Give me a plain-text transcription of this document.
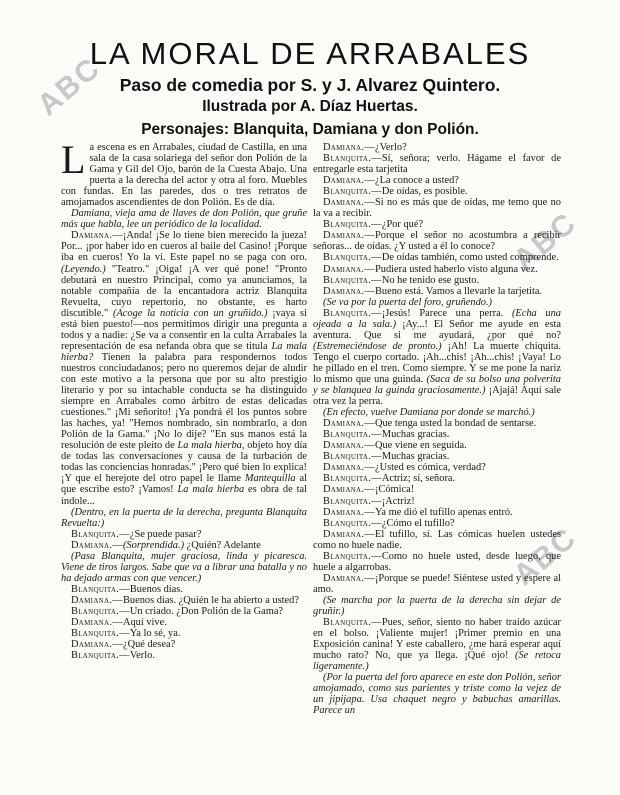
ABC
ABC
ABC
LA MORAL DE ARRABALES
Paso de comedia por S. y J. Alvarez Quintero.
Ilustrada por A. Díaz Huertas.
Personajes: Blanquita, Damiana y don Polión.

La escena es en Arrabales, ciudad de Castilla, en una sala de la casa solariega del señor don Polión de la Gama y Gil del Ojo, barón de la Cuesta Abajo. Una puerta a la derecha del actor y otra al foro. Muebles con fundas. En las paredes, dos o tres retratos de amojamados ascendientes de don Polión. Es de día.

Damiana, vieja ama de llaves de don Polión, que gruñe más que habla, lee un periódico de la localidad.

Damiana.—¡Anda! ¡Se lo tiene bien merecido la jueza! Por... ¡por haber ido en cueros al baile del Casino! ¡Porque iba en cueros! Yo la vi. Este papel no se paga con oro. (Leyendo.) "Teatro." ¡Oiga! ¡A ver qué pone! "Pronto debutará en nuestro Principal, como ya anunciamos, la notable compañía de la encantadora actriz Blanquita Revuelta, cuyo repertorio, no obstante, es harto discutible." (Acoge la noticia con un gruñido.) ¡vaya si está bien puesto!—nos permitimos dirigir una pregunta a todos y a nadie: ¿Se va a consentir en la culta Arrabales la representación de esa nefanda obra que se titula La mala hierba? Tienen la palabra para respondernos todos nuestros conciudadanos; pero no queremos dejar de aludir con este motivo a la persona que por su alto prestigio literario y por su intachable conducta se ha distinguido siempre en Arrabales como árbitro de estas delicadas cuestiones." ¡Mi señorito! ¡Ya pondrá él los puntos sobre las haches, ya! "Hemos nombrado, sin nombrarlo, a don Polión de la Gama." ¡No lo dije? "En sus manos está la resolución de este pleito de La mala hierba, objeto hoy día de todas las conversaciones y causa de la turbación de todas las conciencias honradas." ¡Pero qué bien lo explica! ¡Y que el herejote del otro papel le llame Mantequilla al que escribe esto? ¡Vamos! La mala hierba es obra de tal índole...

(Dentro, en la puerta de la derecha, pregunta Blanquita Revuelta:)

Blanquita.—¿Se puede pasar?

Damiana.—(Sorprendida.) ¿Quién? Adelante

(Pasa Blanquita, mujer graciosa, linda y picaresca. Viene de tiros largos. Sabe que va a librar una batalla y no ha dejado armas con que vencer.)

Blanquita.—Buenos días.

Damiana.—Buenos días. ¿Quién le ha abierto a usted?

Blanquita.—Un criado. ¿Don Polión de la Gama?

Damiana.—Aquí vive.

Blanquita.—Ya lo sé, ya.

Damiana.—¿Qué desea?

Blanquita.—Verlo.

Damiana.—¿Verlo?

Blanquita.—Sí, señora; verlo. Hágame el favor de entregarle esta tarjetita

Damiana.—¿La conoce a usted?

Blanquita.—De oídas, es posible.

Damiana.—Si no es más que de oídas, me temo que no la va a recibir.

Blanquita.—¿Por qué?

Damiana.—Porque el señor no acostumbra a recibir señoras... de oídas. ¿Y usted a él lo conoce?

Blanquita.—De oídas también, como usted comprende.

Damiana.—Pudiera usted haberlo visto alguna vez.

Blanquita.—No he tenido ese gusto.

Damiana.—Bueno está. Vamos a llevarle la tarjetita.

(Se va por la puerta del foro, gruñendo.)

Blanquita.—¡Jesús! Parece una perra. (Echa una ojeada a la sala.) ¡Ay...! El Señor me ayude en esta aventura. Que si me ayudará, ¿por qué no? (Estremeciéndose de pronto.) ¡Ah! La muerte chiquita. Tengo el cuerpo cortado. ¡Ah...chis! ¡Ah...chis! ¡Vaya! Lo he pillado en el tren. Como siempre. Y se me pone la nariz lo mismo que una guinda. (Saca de su bolso una polverita y se blanquea la guinda graciosamente.) ¡Ajajá! Aquí sale otra vez la perra.

(En efecto, vuelve Damiana por donde se marchó.)

Damiana.—Que tenga usted la bondad de sentarse.

Blanquita.—Muchas gracias.

Damiana.—Que viene en seguida.

Blanquita.—Muchas gracias.

Damiana.—¿Usted es cómica, verdad?

Blanquita.—Actriz; sí, señora.

Damiana.—¡Cómica!

Blanquita.—¡Actriz!

Damiana.—Ya me dió el tufillo apenas entró.

Blanquita.—¿Cómo el tufillo?

Damiana.—El tufillo, sí. Las cómicas huelen ustedes como no huele nadie.

Blanquita.—Como no huele usted, desde luego, que huele a algarrobas.

Damiana.—¡Porque se puede! Siéntese usted y espere al amo.

(Se marcha por la puerta de la derecha sin dejar de gruñir.)

Blanquita.—Pues, señor, siento no haber traído azúcar en el bolso. ¡Valiente mujer! ¡Primer premio en una Exposición canina! Y este caballero, ¿me hará esperar aquí mucho rato? No, que ya llega. ¡Qué ojo! (Se retoca ligeramente.)

(Por la puerta del foro aparece en este don Polión, señor amojamado, como sus parientes y triste como la vejez de un jipijapa. Usa chaquet negro y babuchas amarillas. Parece un
